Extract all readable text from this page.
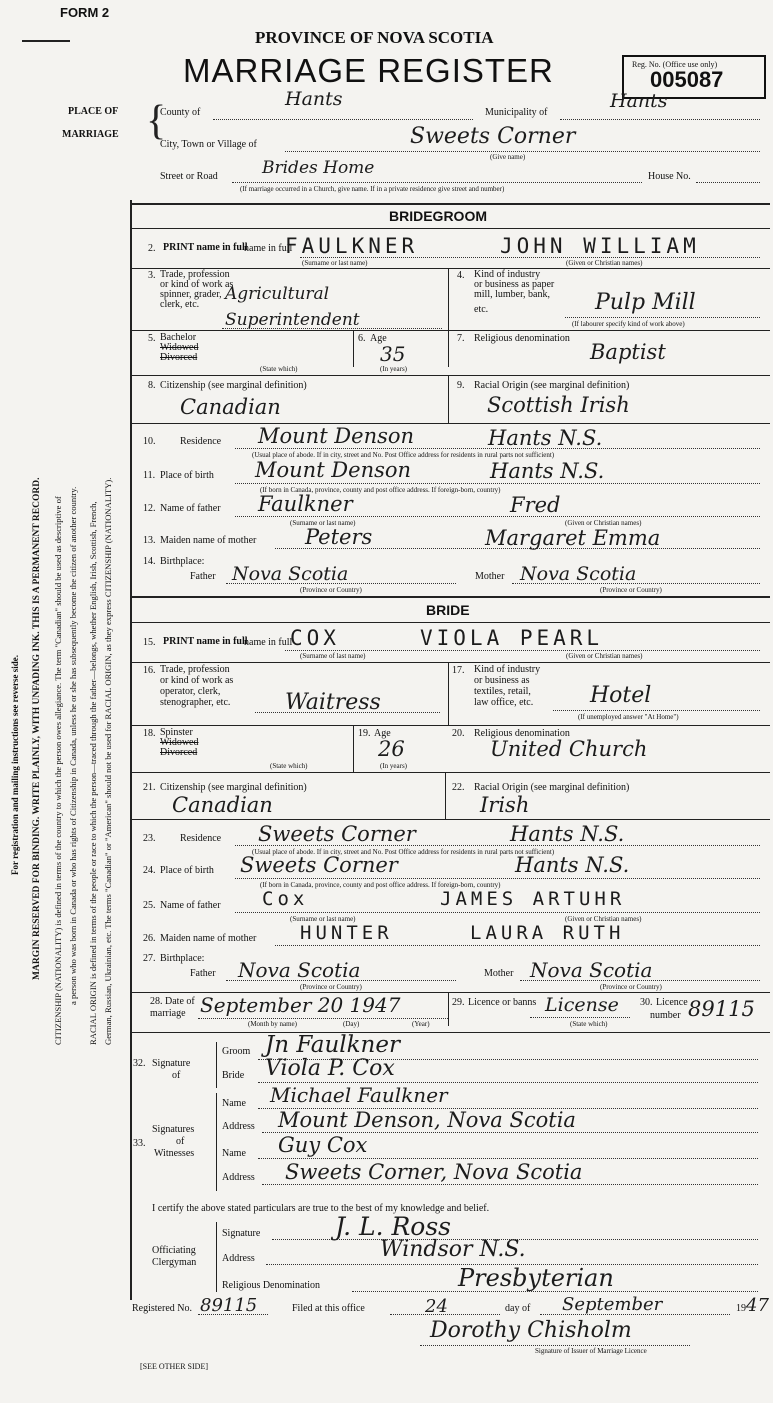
FORM 2
PROVINCE OF NOVA SCOTIA
MARRIAGE REGISTER	Reg. No. (Office use only)
005087
PLACE OF
MARRIAGE {
County of
Hants
Municipality of
Hants
City, Town or Village of	Sweets Corner
(Give name)
Street or Road	Brides Home	House No.
(If marriage occurred in a Church, give name. If in a private residence give street and number)
For registration and mailing instructions see reverse side. MARGIN RESERVED FOR BINDING. WRITE PLAINLY, WITH UNFADING INK. THIS IS A PERMANENT RECORD. CITIZENSHIP (NATIONALITY) is defined in terms of the country to which the person owes allegiance. The term "Canadian" should be used as descriptive of a person who was born in Canada or who has rights of Citizenship in Canada, unless he or she has subsequently become the citizen of another country. RACIAL ORIGIN is defined in terms of the people or race to which the person—traced through the father—belongs, whether English, Irish, Scottish, French, German, Russian, Ukrainian, etc. The terms "Canadian" or "American" should not be used for RACIAL ORIGIN, as they express CITIZENSHIP (NATIONALITY).
BRIDEGROOM
2. PRINT name in full
name in full
FAULKNER	JOHN WILLIAM
(Surname or last name)	(Given or Christian names)
3. Trade, profession
or kind of work as
spinner, grader,
clerk, etc.
Agricultural
Superintendent
4. Kind of industry
or business as paper
mill, lumber, bank,
etc.	Pulp Mill
(If labourer specify kind of work above)
5. Bachelor
Widowed
Divorced
(State which)
6. Age
35
(In years)
7. Religious denomination
Baptist
8. Citizenship (see marginal definition)
Canadian
9. Racial Origin (see marginal definition)
Scottish Irish
10. Residence Mount Denson	Hants N.S.
(Usual place of abode. If in city, street and No. Post Office address for residents in rural parts not sufficient)
11. Place of birth Mount Denson	Hants N.S.
(If born in Canada, province, county and post office address. If foreign-born, country)
12. Name of father Faulkner	Fred
(Surname or last name)	(Given or Christian names)
13. Maiden name of mother Peters	Margaret Emma
14. Birthplace:
Father Nova Scotia	Mother Nova Scotia
(Province or Country)	(Province or Country)
BRIDE
15. PRINT name in full
name in full
COX	VIOLA PEARL
(Surname of last name)	(Given or Christian names)
16. Trade, profession
or kind of work as
operator, clerk,
stenographer, etc. Waitress
17. Kind of industry
or business as
textiles, retail,
law office, etc.	Hotel
(If unemployed answer "At Home")
18. Spinster
Widowed
Divorced
(State which)
19. Age
26
(In years)
20. Religious denomination
United Church
21. Citizenship (see marginal definition)
Canadian
22. Racial Origin (see marginal definition)
Irish
23. Residence Sweets Corner	Hants N.S.
(Usual place of abode. If in city, street and No. Post Office address for residents in rural parts not sufficient)
24. Place of birth Sweets Corner	Hants N.S.
(If born in Canada, province, county and post office address. If foreign-born, country)
25. Name of father Cox	JAMES ARTUHR
(Surname or last name)	(Given or Christian names)
26. Maiden name of mother HUNTER	LAURA RUTH
27. Birthplace:
Father Nova Scotia	Mother Nova Scotia
(Province or Country)	(Province or Country)
28. Date of
marriage September 20 1947
(Month by name)	(Day)	(Year)
29. Licence or banns License
(State which)
30. Licence
number 89115
32. Signature
of
Groom Jn Faulkner
Bride Viola P. Cox
33.
Signatures
of
Witnesses
Name Michael Faulkner
Address Mount Denson, Nova Scotia
Name Guy Cox
Address Sweets Corner, Nova Scotia
I certify the above stated particulars are true to the best of my knowledge and belief.
Officiating
Clergyman
Signature	J. L. Ross
Address	Windsor N.S.
Religious Denomination	Presbyterian
Registered No. 89115	Filed at this office	24	day of September	19 47
Dorothy Chisholm
Signature of Issuer of Marriage Licence
[SEE OTHER SIDE]
